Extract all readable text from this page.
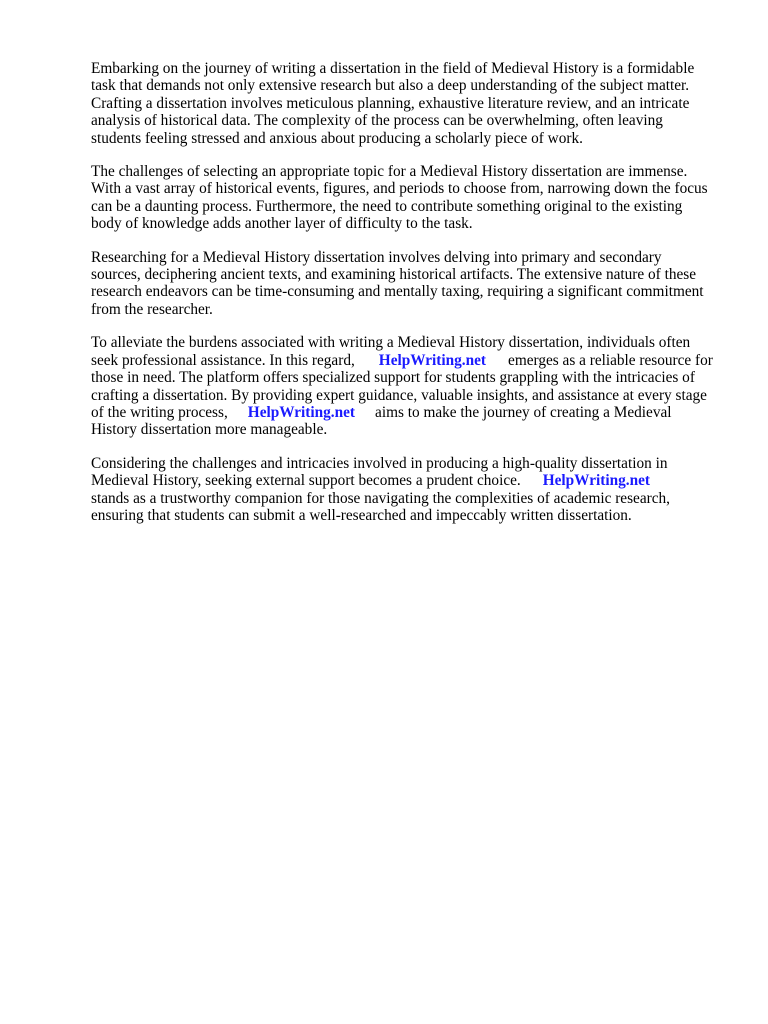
Embarking on the journey of writing a dissertation in the field of Medieval History is a formidable
task that demands not only extensive research but also a deep understanding of the subject matter.
Crafting a dissertation involves meticulous planning, exhaustive literature review, and an intricate
analysis of historical data. The complexity of the process can be overwhelming, often leaving
students feeling stressed and anxious about producing a scholarly piece of work.

The challenges of selecting an appropriate topic for a Medieval History dissertation are immense.
With a vast array of historical events, figures, and periods to choose from, narrowing down the focus
can be a daunting process. Furthermore, the need to contribute something original to the existing
body of knowledge adds another layer of difficulty to the task.

Researching for a Medieval History dissertation involves delving into primary and secondary
sources, deciphering ancient texts, and examining historical artifacts. The extensive nature of these
research endeavors can be time-consuming and mentally taxing, requiring a significant commitment
from the researcher.

To alleviate the burdens associated with writing a Medieval History dissertation, individuals often
seek professional assistance. In this regard, HelpWriting.net emerges as a reliable resource for
those in need. The platform offers specialized support for students grappling with the intricacies of
crafting a dissertation. By providing expert guidance, valuable insights, and assistance at every stage
of the writing process, HelpWriting.net aims to make the journey of creating a Medieval
History dissertation more manageable.

Considering the challenges and intricacies involved in producing a high-quality dissertation in
Medieval History, seeking external support becomes a prudent choice. HelpWriting.net
stands as a trustworthy companion for those navigating the complexities of academic research,
ensuring that students can submit a well-researched and impeccably written dissertation.
